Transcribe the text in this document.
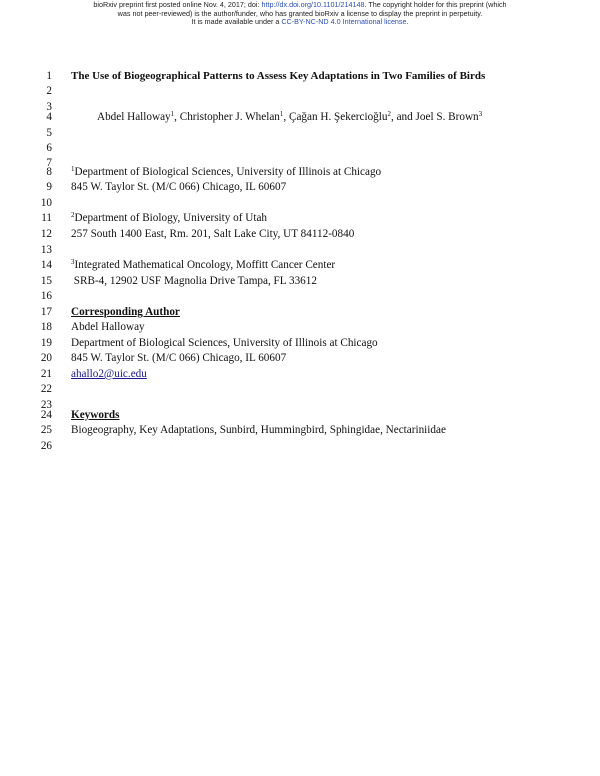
bioRxiv preprint first posted online Nov. 4, 2017; doi: http://dx.doi.org/10.1101/214148. The copyright holder for this preprint (which
was not peer-reviewed) is the author/funder, who has granted bioRxiv a license to display the preprint in perpetuity.
It is made available under a CC-BY-NC-ND 4.0 International license.
1
2
3
4
5
6
7
8
9
10
11
12
13
14
15
16
17
18
19
20
21
22
23
24
25
26
The Use of Biogeographical Patterns to Assess Key Adaptations in Two Families of Birds
Abdel Halloway$^1$, Christopher J. Whelan$^1$, Çağan H. Şekercioğlu$^2$, and Joel S. Brown$^3$
$^1$Department of Biological Sciences, University of Illinois at Chicago
845 W. Taylor St. (M/C 066) Chicago, IL 60607
$^2$Department of Biology, University of Utah
257 South 1400 East, Rm. 201, Salt Lake City, UT 84112-0840
$^3$Integrated Mathematical Oncology, Moffitt Cancer Center
SRB-4, 12902 USF Magnolia Drive Tampa, FL 33612
Corresponding Author
Abdel Halloway
Department of Biological Sciences, University of Illinois at Chicago
845 W. Taylor St. (M/C 066) Chicago, IL 60607
ahallo2@uic.edu
Keywords
Biogeography, Key Adaptations, Sunbird, Hummingbird, Sphingidae, Nectariniidae
